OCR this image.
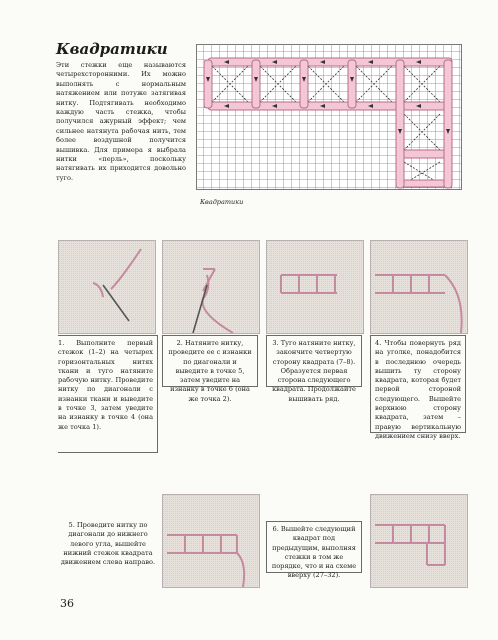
Квадратики

Эти стежки еще называются четырехсторонними. Их можно выполнять с нормальным натяжением или потуже затягивая нитку. Подтягивать необходимо каждую часть стежка, чтобы получился ажурный эффект; чем сильнее натянута рабочая нить, тем более воздушной получится вышивка. Для примера я выбрала нитки «перль», поскольку натягивать их приходится довольно туго.

Квадратики
1. Выполните первый стежок (1–2) на четырех горизонтальных нитях ткани и туго натяните рабочую нитку. Проведите нитку по диагонали с изнанки ткани и выведите в точке 3, затем уведите на изнанку в точке 4 (она же точка 1).
2. Натяните нитку, проведите ее с изнанки по диагонали и выведите в точке 5, затем уведите на изнанку в точке 6 (она же точка 2).
3. Туго натяните нитку, закончите четвертую сторону квадрата (7–8). Образуется первая сторона следующего квадрата. Продолжайте вышивать ряд.
4. Чтобы повернуть ряд на уголке, понадобится в последнюю очередь вышить ту сторону квадрата, которая будет первой стороной следующего. Вышейте верхнюю сторону квадрата, затем – правую вертикальную движением снизу вверх.
5. Проведите нитку по диагонали до нижнего левого угла, вышейте нижний стежок квадрата движением слева направо.
6. Вышейте следующий квадрат под предыдущим, выполняя стежки в том же порядке, что и на схеме вверху (27–32).
36
